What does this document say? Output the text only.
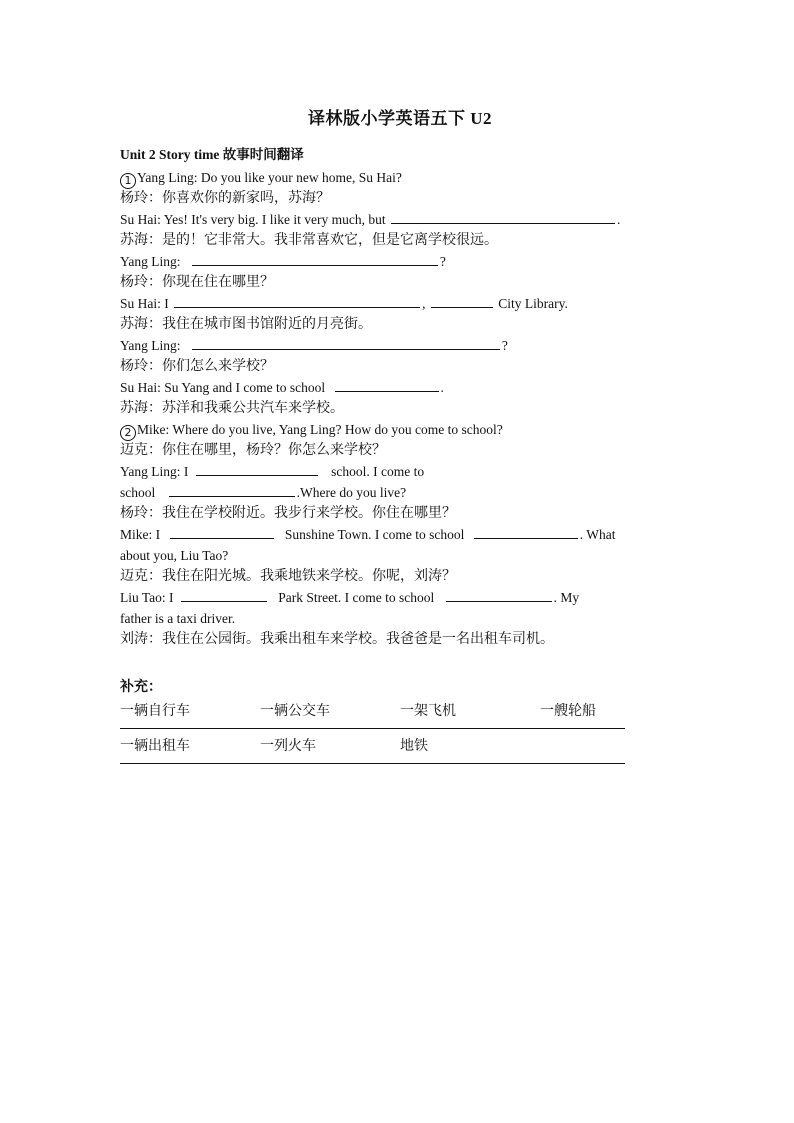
译林版小学英语五下 U2
Unit 2 Story time 故事时间翻译
1 Yang Ling: Do you like your new home, Su Hai?
杨玲：你喜欢你的新家吗，苏海？
Su Hai: Yes! It's very big. I like it very much, but	.
苏海：是的！它非常大。我非常喜欢它，但是它离学校很远。
Yang Ling:	?
杨玲：你现在住在哪里？
Su Hai: I	,	City Library.
苏海：我住在城市图书馆附近的月亮街。
Yang Ling:	?
杨玲：你们怎么来学校？
Su Hai: Su Yang and I come to school	.
苏海：苏洋和我乘公共汽车来学校。
2 Mike: Where do you live, Yang Ling? How do you come to school?
迈克：你住在哪里，杨玲？你怎么来学校？
Yang Ling: I	school. I come to
school	.Where do you live?
杨玲：我住在学校附近。我步行来学校。你住在哪里？
Mike: I	Sunshine Town. I come to school	. What
about you, Liu Tao?
迈克：我住在阳光城。我乘地铁来学校。你呢，刘涛？
Liu Tao: I	Park Street. I come to school	. My
father is a taxi driver.
刘涛：我住在公园街。我乘出租车来学校。我爸爸是一名出租车司机。
补充：
一辆自行车	一辆公交车	一架飞机	一艘轮船
一辆出租车	一列火车	地铁
